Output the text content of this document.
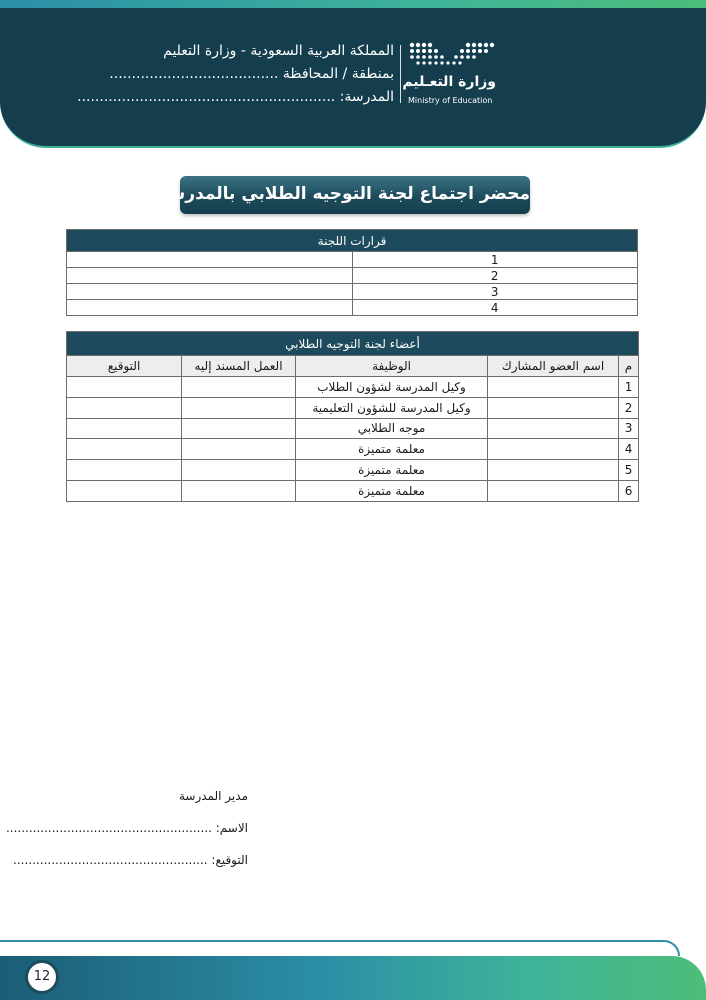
المملكة العربية السعودية - وزارة التعليم
بمنطقة / المحافظة ......................................
المدرسة: ..........................................................
وزارة التعـليم
Ministry of Education
محضر اجتماع لجنة التوجيه الطلابي بالمدرسة
قرارات اللجنة	
1	
2	
3	
4	
أعضاء لجنة التوجيه الطلابي				
م	اسم العضو المشارك	الوظيفة	العمل المسند إليه	التوقيع
1		وكيل المدرسة لشؤون الطلاب		
2		وكيل المدرسة للشؤون التعليمية		
3		موجه الطلابي		
4		معلمة متميزة		
5		معلمة متميزة		
6		معلمة متميزة		
مدير المدرسة
الاسم: ......................................................
التوقيع: ...................................................
12
